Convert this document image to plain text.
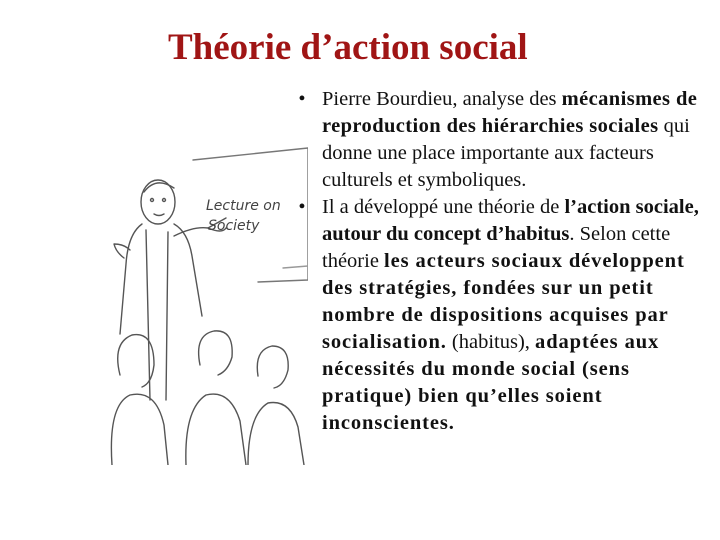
Théorie d’action social
Lecture on
Society
• Pierre Bourdieu, analyse des mécanismes de reproduction des hiérarchies sociales qui donne une place importante aux facteurs culturels et symboliques.
• Il a développé une théorie de l’action sociale, autour du concept d’habitus. Selon cette théorie les acteurs sociaux développent des stratégies, fondées sur un petit nombre de dispositions acquises par socialisation. (habitus), adaptées aux nécessités du monde social (sens pratique) bien qu’elles soient inconscientes.
